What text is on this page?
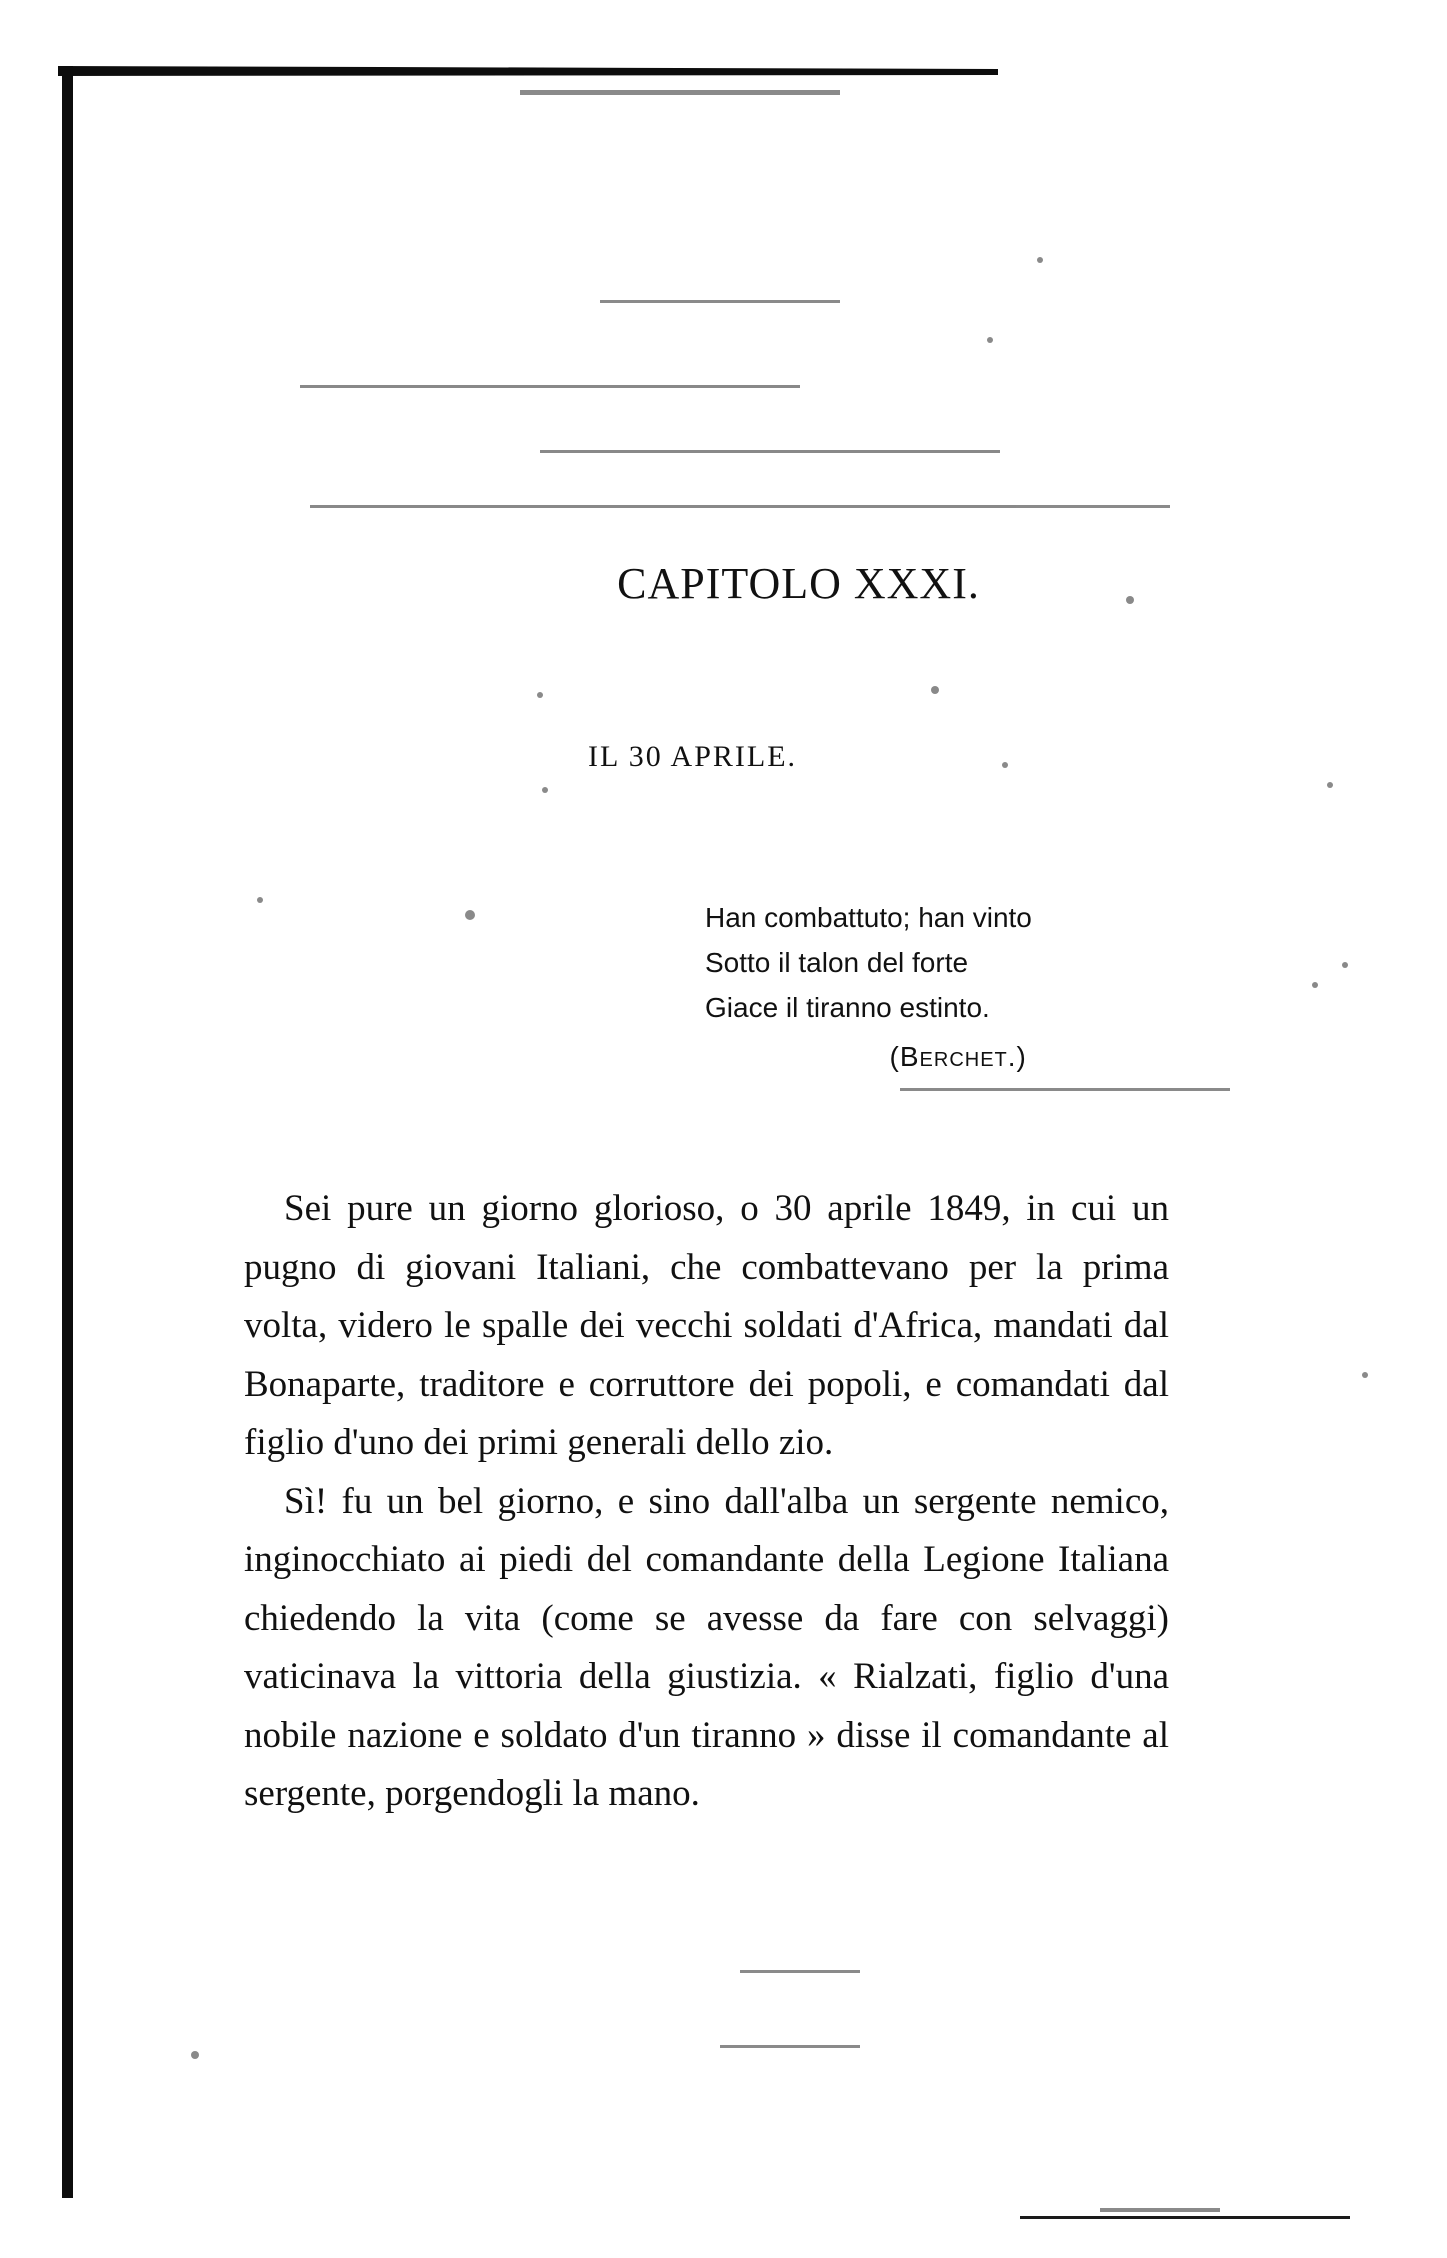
CAPITOLO XXXI.
IL 30 APRILE.
Han combattuto; han vinto
Sotto il talon del forte
Giace il tiranno estinto.
(Berchet.)

Sei pure un giorno glorioso, o 30 aprile 1849, in cui un pugno di giovani Italiani, che combattevano per la prima volta, videro le spalle dei vecchi soldati d'Africa, mandati dal Bonaparte, traditore e corruttore dei popoli, e comandati dal figlio d'uno dei primi generali dello zio.

Sì! fu un bel giorno, e sino dall'alba un sergente nemico, inginocchiato ai piedi del comandante della Legione Italiana chiedendo la vita (come se avesse da fare con selvaggi) vaticinava la vittoria della giustizia. « Rialzati, figlio d'una nobile nazione e soldato d'un tiranno » disse il comandante al sergente, porgendogli la mano.
